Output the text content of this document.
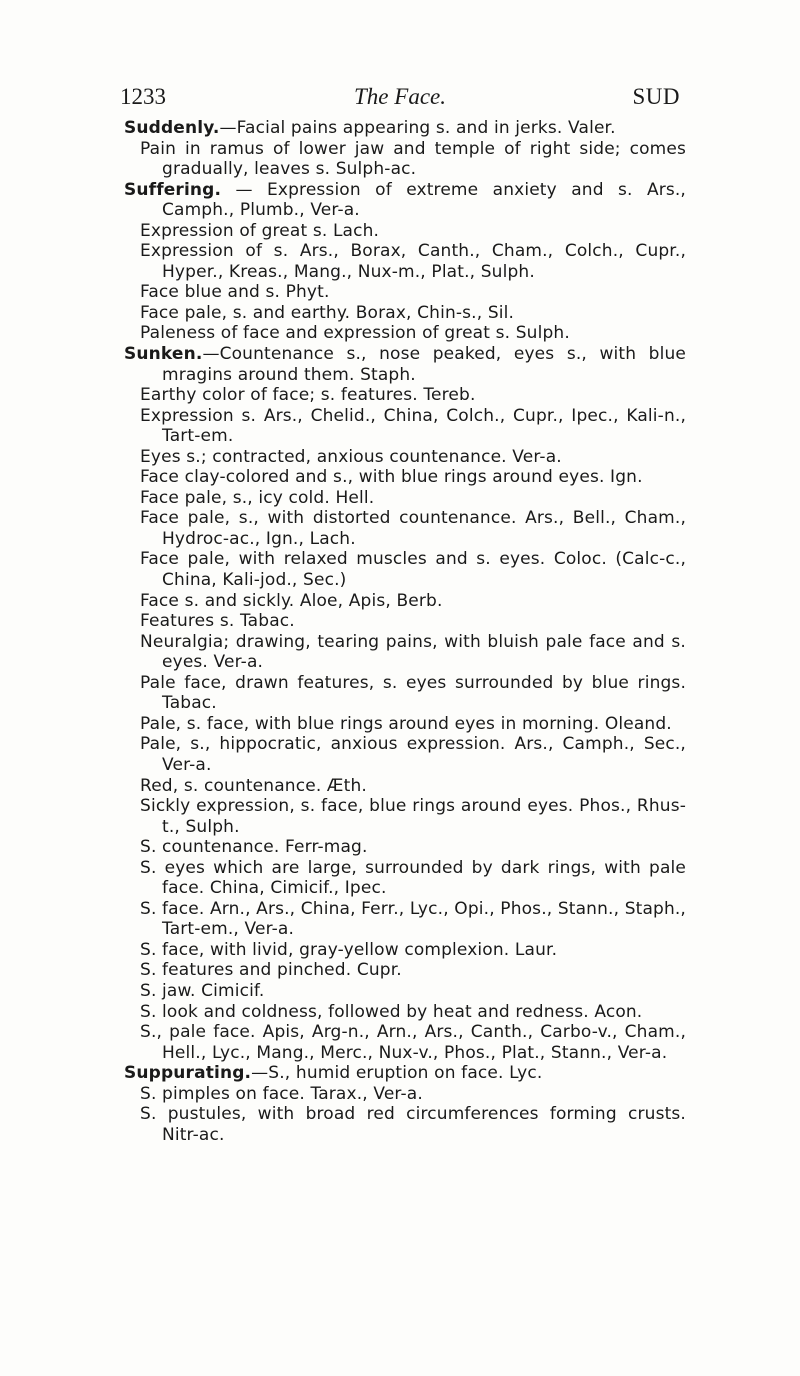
1233	The Face.	SUD

Suddenly.—Facial pains appearing s. and in jerks. Valer.

Pain in ramus of lower jaw and temple of right side; comes gradually, leaves s. Sulph-ac.

Suffering. — Expression of extreme anxiety and s. Ars., Camph., Plumb., Ver-a.

Expression of great s. Lach.

Expression of s. Ars., Borax, Canth., Cham., Colch., Cupr., Hyper., Kreas., Mang., Nux-m., Plat., Sulph.

Face blue and s. Phyt.

Face pale, s. and earthy. Borax, Chin-s., Sil.

Paleness of face and expression of great s. Sulph.

Sunken.—Countenance s., nose peaked, eyes s., with blue mragins around them. Staph.

Earthy color of face; s. features. Tereb.

Expression s. Ars., Chelid., China, Colch., Cupr., Ipec., Kali-n., Tart-em.

Eyes s.; contracted, anxious countenance. Ver-a.

Face clay-colored and s., with blue rings around eyes. Ign.

Face pale, s., icy cold. Hell.

Face pale, s., with distorted countenance. Ars., Bell., Cham., Hydroc-ac., Ign., Lach.

Face pale, with relaxed muscles and s. eyes. Coloc. (Calc-c., China, Kali-jod., Sec.)

Face s. and sickly. Aloe, Apis, Berb.

Features s. Tabac.

Neuralgia; drawing, tearing pains, with bluish pale face and s. eyes. Ver-a.

Pale face, drawn features, s. eyes surrounded by blue rings. Tabac.

Pale, s. face, with blue rings around eyes in morning. Oleand.

Pale, s., hippocratic, anxious expression. Ars., Camph., Sec., Ver-a.

Red, s. countenance. Æth.

Sickly expression, s. face, blue rings around eyes. Phos., Rhus-t., Sulph.

S. countenance. Ferr-mag.

S. eyes which are large, surrounded by dark rings, with pale face. China, Cimicif., Ipec.

S. face. Arn., Ars., China, Ferr., Lyc., Opi., Phos., Stann., Staph., Tart-em., Ver-a.

S. face, with livid, gray-yellow complexion. Laur.

S. features and pinched. Cupr.

S. jaw. Cimicif.

S. look and coldness, followed by heat and redness. Acon.

S., pale face. Apis, Arg-n., Arn., Ars., Canth., Carbo-v., Cham., Hell., Lyc., Mang., Merc., Nux-v., Phos., Plat., Stann., Ver-a.

Suppurating.—S., humid eruption on face. Lyc.

S. pimples on face. Tarax., Ver-a.

S. pustules, with broad red circumferences forming crusts. Nitr-ac.
